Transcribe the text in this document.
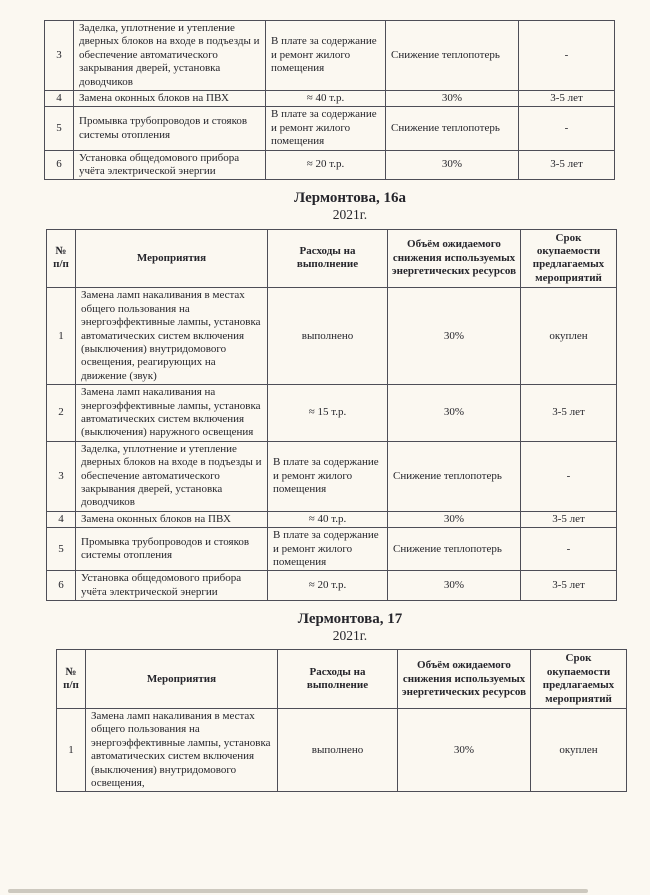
3	Заделка, уплотнение и утепление дверных блоков на входе в подъезды и обеспечение автоматического закрывания дверей, установка доводчиков	В плате за содержание и ремонт жилого помещения	Снижение теплопотерь	-
4	Замена оконных блоков на ПВХ	≈ 40 т.р.	30%	3-5 лет
5	Промывка трубопроводов и стояков системы отопления	В плате за содержание и ремонт жилого помещения	Снижение теплопотерь	-
6	Установка общедомового прибора учёта электрической энергии	≈ 20 т.р.	30%	3-5 лет
Лермонтова, 16а
2021г.
№ п/п	Мероприятия	Расходы на выполнение	Объём ожидаемого снижения используемых энергетических ресурсов	Срок окупаемости предлагаемых мероприятий
1	Замена ламп накаливания в местах общего пользования на энергоэффективные лампы, установка автоматических систем включения (выключения) внутридомового освещения, реагирующих на движение (звук)	выполнено	30%	окуплен
2	Замена ламп накаливания на энергоэффективные лампы, установка автоматических систем включения (выключения) наружного освещения	≈ 15 т.р.	30%	3-5 лет
3	Заделка, уплотнение и утепление дверных блоков на входе в подъезды и обеспечение автоматического закрывания дверей, установка доводчиков	В плате за содержание и ремонт жилого помещения	Снижение теплопотерь	-
4	Замена оконных блоков на ПВХ	≈ 40 т.р.	30%	3-5 лет
5	Промывка трубопроводов и стояков системы отопления	В плате за содержание и ремонт жилого помещения	Снижение теплопотерь	-
6	Установка общедомового прибора учёта электрической энергии	≈ 20 т.р.	30%	3-5 лет
Лермонтова, 17
2021г.
№ п/п	Мероприятия	Расходы на выполнение	Объём ожидаемого снижения используемых энергетических ресурсов	Срок окупаемости предлагаемых мероприятий
1	Замена ламп накаливания в местах общего пользования на энергоэффективные лампы, установка автоматических систем включения (выключения) внутридомового освещения,	выполнено	30%	окуплен
